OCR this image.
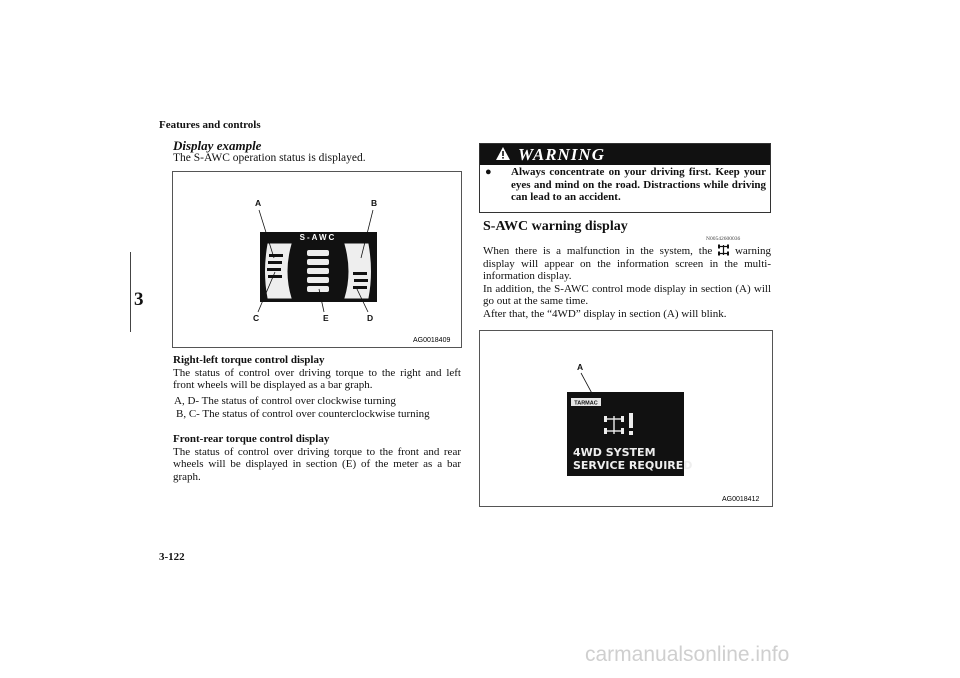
Features and controls
3
Display example
The S-AWC operation status is displayed.
S-AWC
A	B
C	E	D
AG0018409
Right-left torque control display
The status of control over driving torque to the right and left front wheels will be displayed as a bar graph.
A, D- The status of control over clockwise turning
B, C- The status of control over counterclockwise turning
Front-rear torque control display
The status of control over driving torque to the front and rear wheels will be displayed in section (E) of the meter as a bar graph.
WARNING
● Always concentrate on your driving first. Keep your eyes and mind on the road. Distractions while driving can lead to an accident.
S-AWC warning display
N00542600036
When there is a malfunction in the system, the warning display will appear on the information screen in the multi-information display.
In addition, the S-AWC control mode display in section (A) will go out at the same time.
After that, the “4WD” display in section (A) will blink.
A
TARMAC
4WD SYSTEM
SERVICE REQUIRED
AG0018412
3-122
carmanualsonline.info
